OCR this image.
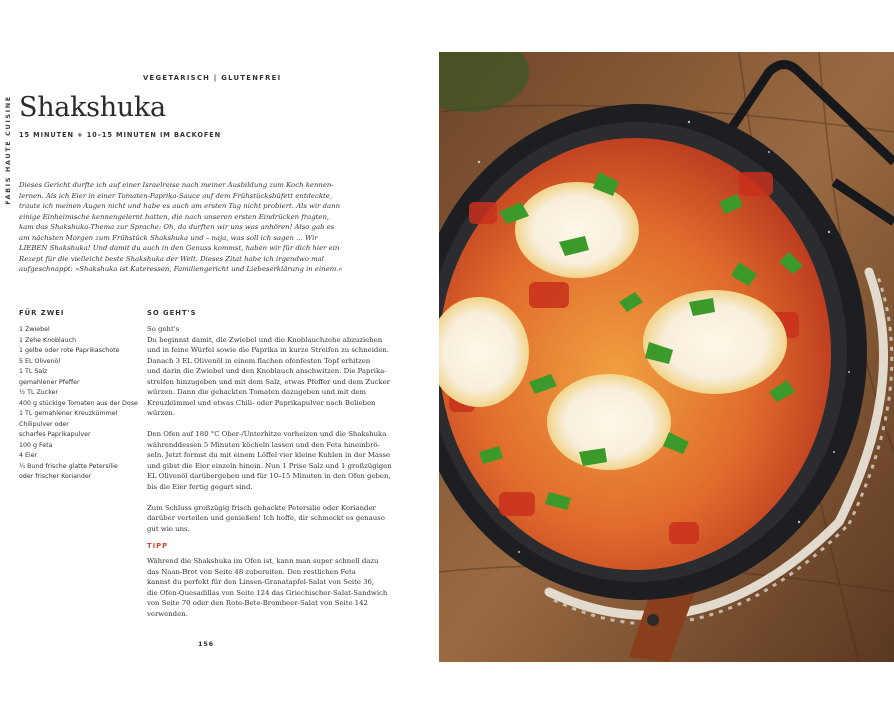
FABIS HAUTE CUISINE
VEGETARISCH | GLUTENFREI
Shakshuka
15 MINUTEN + 10–15 MINUTEN IM BACKOFEN
Dieses Gericht durfte ich auf einer Israelreise nach meiner Ausbildung zum Koch kennen-
lernen. Als ich Eier in einer Tomaten-Paprika-Sauce auf dem Frühstücksbüfett entdeckte,
traute ich meinen Augen nicht und habe es auch am ersten Tag nicht probiert. Als wir dann
einige Einheimische kennengelernt hatten, die nach unseren ersten Eindrücken fragten,
kam das Shakshuka-Thema zur Sprache: Oh, da durften wir uns was anhören! Also gab es
am nächsten Morgen zum Frühstück Shakshuka und – naja, was soll ich sagen … Wir
LIEBEN Shakshuka! Und damit du auch in den Genuss kommst, haben wir für dich hier ein
Rezept für die vielleicht beste Shakshuka der Welt. Dieses Zitat habe ich irgendwo mal
aufgeschnappt: »Shakshuka ist Kateressen, Familiengericht und Liebeserklärung in einem.«
FÜR ZWEI
1 Zwiebel
1 Zehe Knoblauch
1 gelbe oder rote Paprikaschote
5 EL Olivenöl
1 TL Salz
gemahlener Pfeffer
½ TL Zucker
400 g stückige Tomaten aus der Dose
1 TL gemahlener Kreuzkümmel
Chilipulver oder
scharfes Paprikapulver
100 g Feta
4 Eier
¼ Bund frische glatte Petersilie
oder frischer Koriander
SO GEHT'S
So geht's
Du beginnst damit, die Zwiebel und die Knoblauchzehe abzuziehen
und in feine Würfel sowie die Paprika in kurze Streifen zu schneiden.
Danach 3 EL Olivenöl in einem flachen ofenfesten Topf erhitzen
und darin die Zwiebel und den Knoblauch anschwitzen. Die Paprika-
streifen hinzugeben und mit dem Salz, etwas Pfeffer und dem Zucker
würzen. Dann die gehackten Tomaten dazugeben und mit dem
Kreuzkümmel und etwas Chili- oder Paprikapulver nach Belieben
würzen.
Den Ofen auf 180 °C Ober-/Unterhitze vorheizen und die Shakshuka
währenddessen 5 Minuten köcheln lassen und den Feta hineinbrö-
seln. Jetzt formst du mit einem Löffel vier kleine Kuhlen in der Masse
und gibst die Eier einzeln hinein. Nun 1 Prise Salz und 1 großzügigen
EL Olivenöl darübergeben und für 10–15 Minuten in den Ofen geben,
bis die Eier fertig gegart sind.
Zum Schluss großzügig frisch gehackte Petersilie oder Koriander
darüber verteilen und genießen! Ich hoffe, dir schmeckt es genauso
gut wie uns.
TIPP
Während die Shakshuka im Ofen ist, kann man super schnell dazu
das Naan-Brot von Seite 48 zubereiten. Den restlichen Feta
kannst du perfekt für den Linsen-Granatapfel-Salat von Seite 36,
die Ofen-Quesadillas von Seite 124 das Griechischer-Salat-Sandwich
von Seite 70 oder den Rote-Bete-Brombeer-Salat von Seite 142
verwenden.
156
